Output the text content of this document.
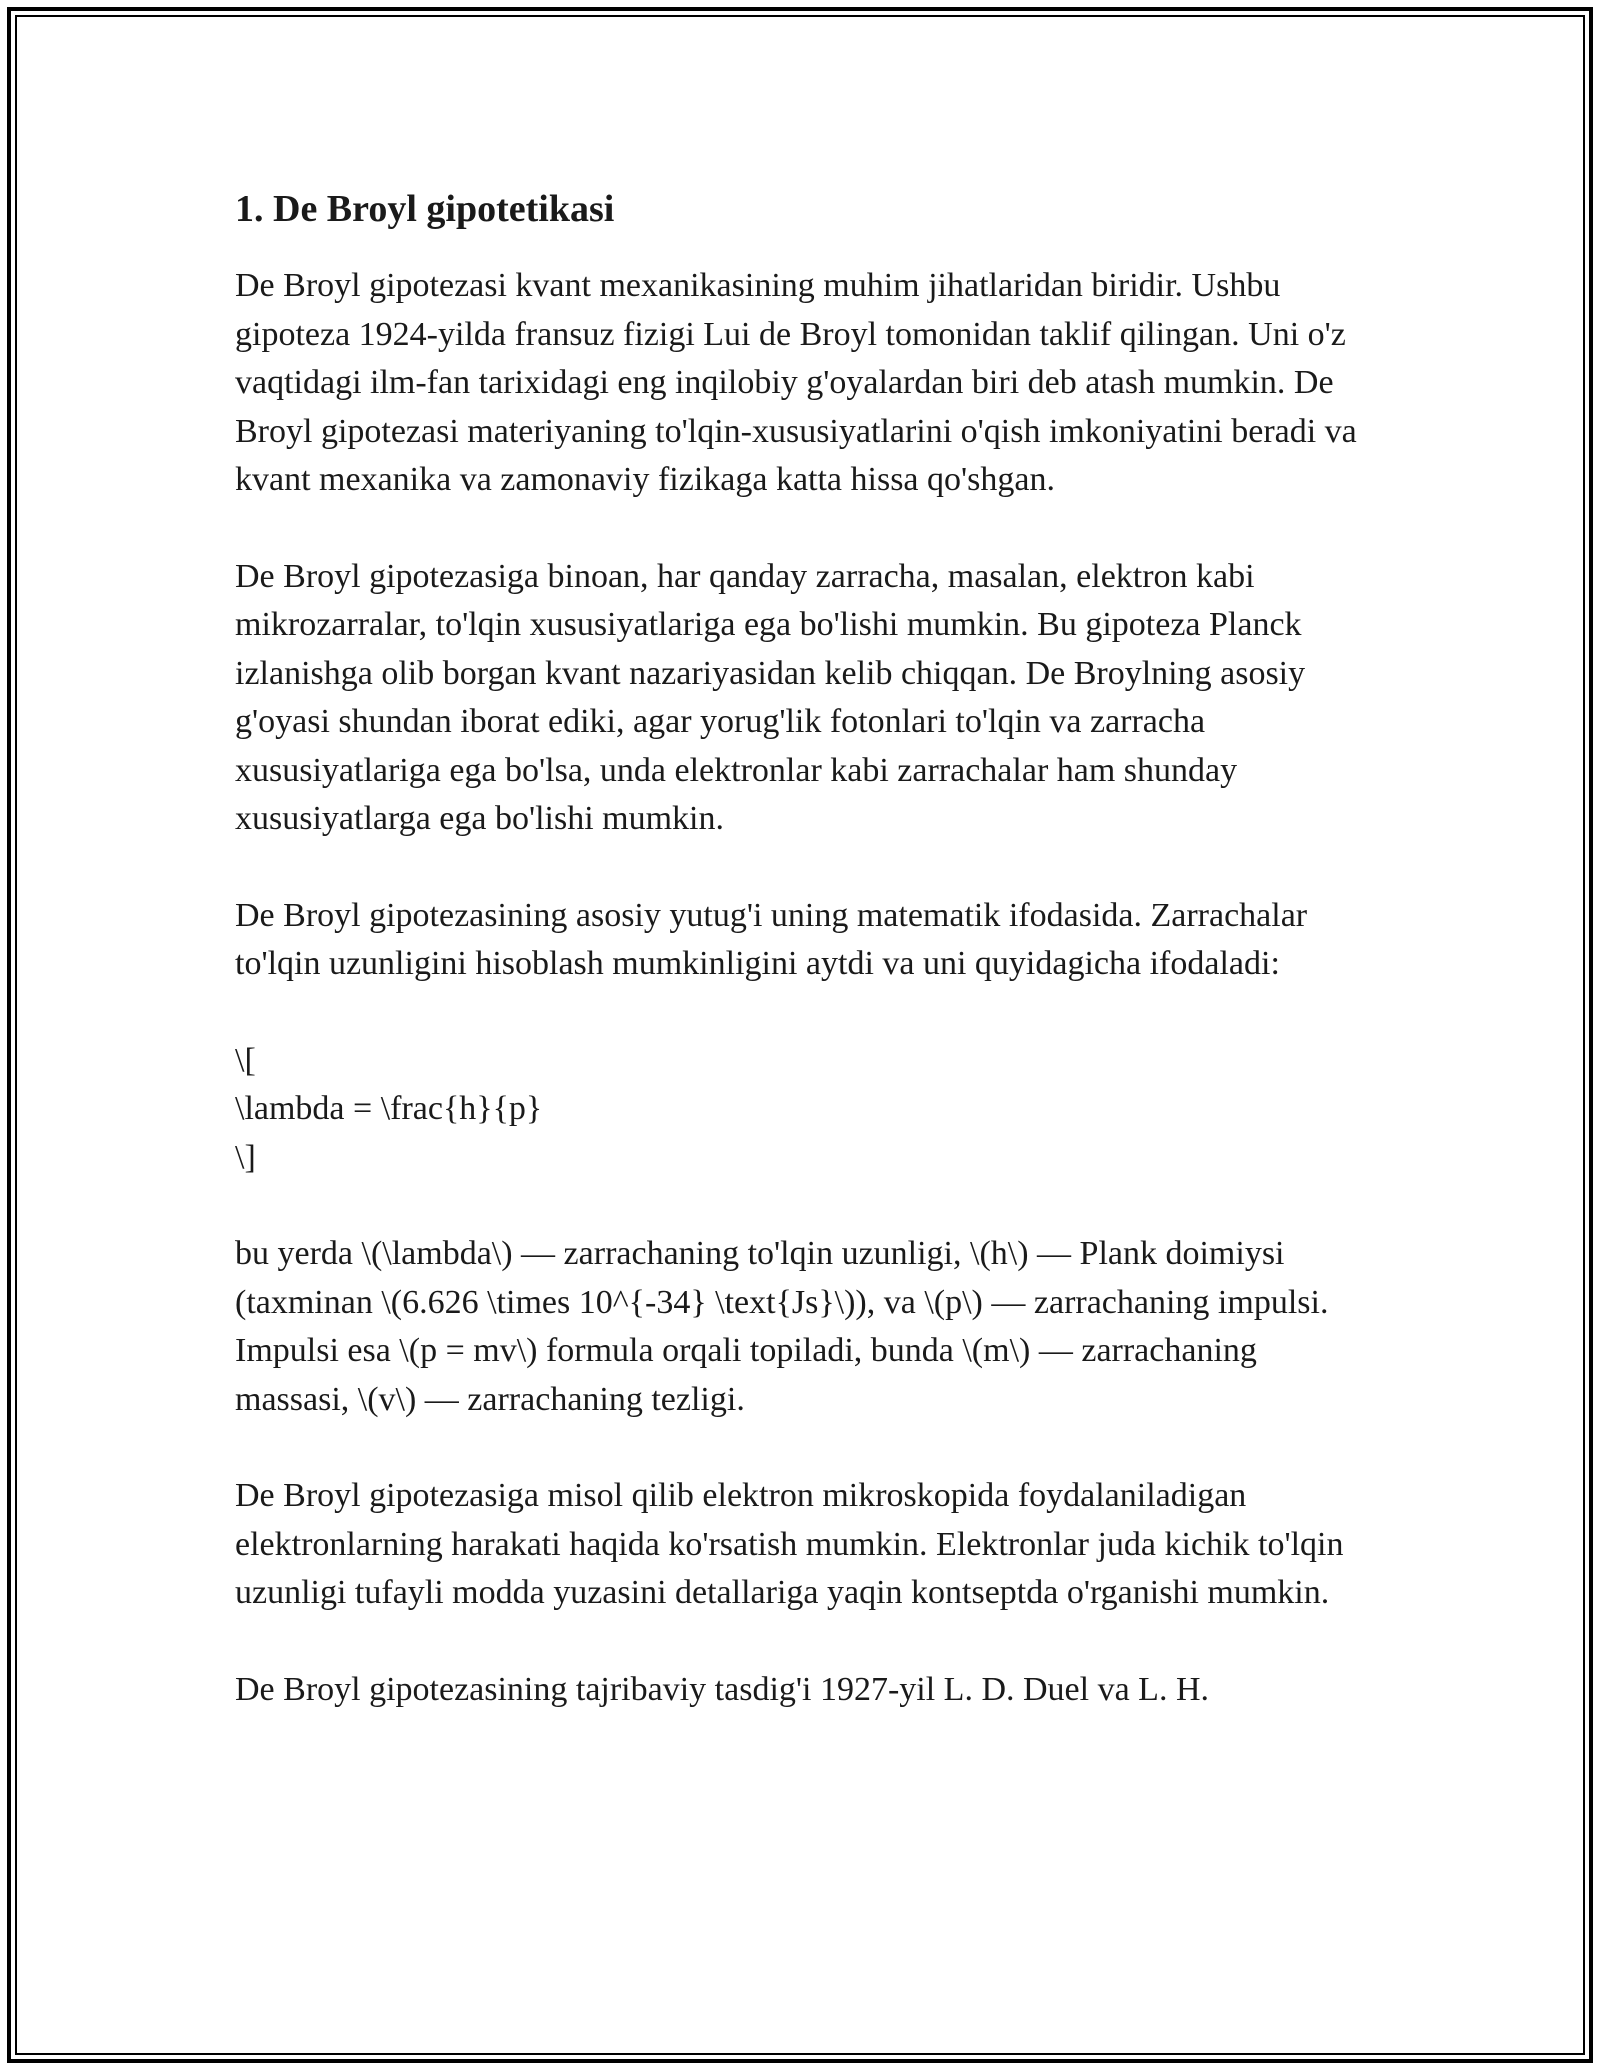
1. De Broyl gipotetikasi

De Broyl gipotezasi kvant mexanikasining muhim jihatlaridan biridir. Ushbu gipoteza 1924-yilda fransuz fizigi Lui de Broyl tomonidan taklif qilingan. Uni o'z vaqtidagi ilm-fan tarixidagi eng inqilobiy g'oyalardan biri deb atash mumkin. De Broyl gipotezasi materiyaning to'lqin-xususiyatlarini o'qish imkoniyatini beradi va kvant mexanika va zamonaviy fizikaga katta hissa qo'shgan.

De Broyl gipotezasiga binoan, har qanday zarracha, masalan, elektron kabi mikrozarralar, to'lqin xususiyatlariga ega bo'lishi mumkin. Bu gipoteza Planck izlanishga olib borgan kvant nazariyasidan kelib chiqqan. De Broylning asosiy g'oyasi shundan iborat ediki, agar yorug'lik fotonlari to'lqin va zarracha xususiyatlariga ega bo'lsa, unda elektronlar kabi zarrachalar ham shunday xususiyatlarga ega bo'lishi mumkin.

De Broyl gipotezasining asosiy yutug'i uning matematik ifodasida. Zarrachalar to'lqin uzunligini hisoblash mumkinligini aytdi va uni quyidagicha ifodaladi:

\[
\lambda = \frac{h}{p}
\]

bu yerda \(\lambda\) — zarrachaning to'lqin uzunligi, \(h\) — Plank doimiysi (taxminan \(6.626 \times 10^{-34} \text{Js}\)), va \(p\) — zarrachaning impulsi. Impulsi esa \(p = mv\) formula orqali topiladi, bunda \(m\) — zarrachaning massasi, \(v\) — zarrachaning tezligi.

De Broyl gipotezasiga misol qilib elektron mikroskopida foydalaniladigan elektronlarning harakati haqida ko'rsatish mumkin. Elektronlar juda kichik to'lqin uzunligi tufayli modda yuzasini detallariga yaqin kontseptda o'rganishi mumkin.

De Broyl gipotezasining tajribaviy tasdig'i 1927-yil L. D. Duel va L. H.
